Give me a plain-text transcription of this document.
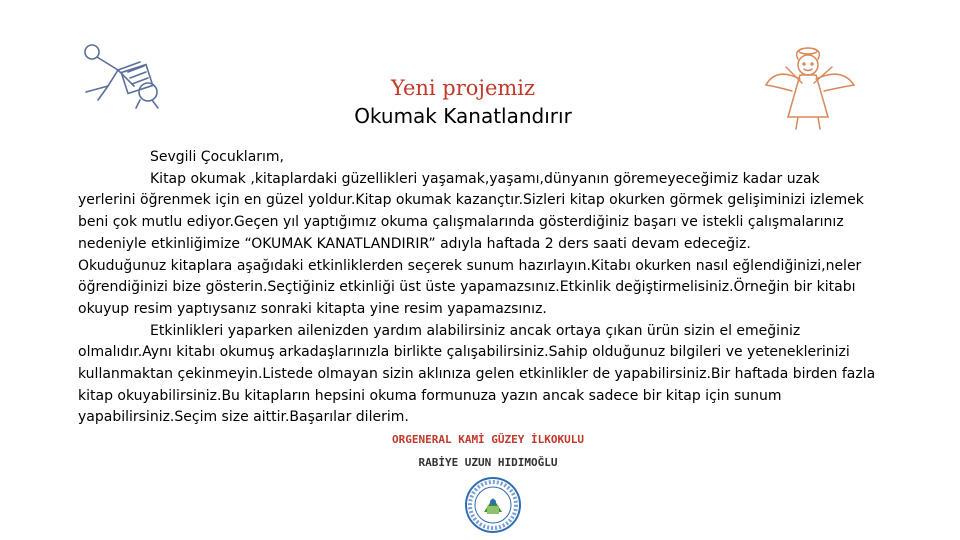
Yeni projemiz
Okumak Kanatlandırır

Sevgili Çocuklarım,

Kitap okumak ,kitaplardaki güzellikleri yaşamak,yaşamı,dünyanın göremeyeceğimiz kadar uzak

yerlerini öğrenmek için en güzel yoldur.Kitap okumak kazançtır.Sizleri kitap okurken görmek gelişiminizi izlemek

beni çok mutlu ediyor.Geçen yıl yaptığımız okuma çalışmalarında gösterdiğiniz başarı ve istekli çalışmalarınız

nedeniyle etkinliğimize “OKUMAK KANATLANDIRIR” adıyla haftada 2 ders saati devam edeceğiz.

Okuduğunuz kitaplara aşağıdaki etkinliklerden seçerek sunum hazırlayın.Kitabı okurken nasıl eğlendiğinizi,neler

öğrendiğinizi bize gösterin.Seçtiğiniz etkinliği üst üste yapamazsınız.Etkinlik değiştirmelisiniz.Örneğin bir kitabı

okuyup resim yaptıysanız sonraki kitapta yine resim yapamazsınız.

Etkinlikleri yaparken ailenizden yardım alabilirsiniz ancak ortaya çıkan ürün sizin el emeğiniz

olmalıdır.Aynı kitabı okumuş arkadaşlarınızla birlikte çalışabilirsiniz.Sahip olduğunuz bilgileri ve yeteneklerinizi

kullanmaktan çekinmeyin.Listede olmayan sizin aklınıza gelen etkinlikler de yapabilirsiniz.Bir haftada birden fazla

kitap okuyabilirsiniz.Bu kitapların hepsini okuma formunuza yazın ancak sadece bir kitap için sunum

yapabilirsiniz.Seçim size aittir.Başarılar dilerim.

ORGENERAL KAMİ GÜZEY İLKOKULU
RABİYE UZUN HIDIMOĞLU
